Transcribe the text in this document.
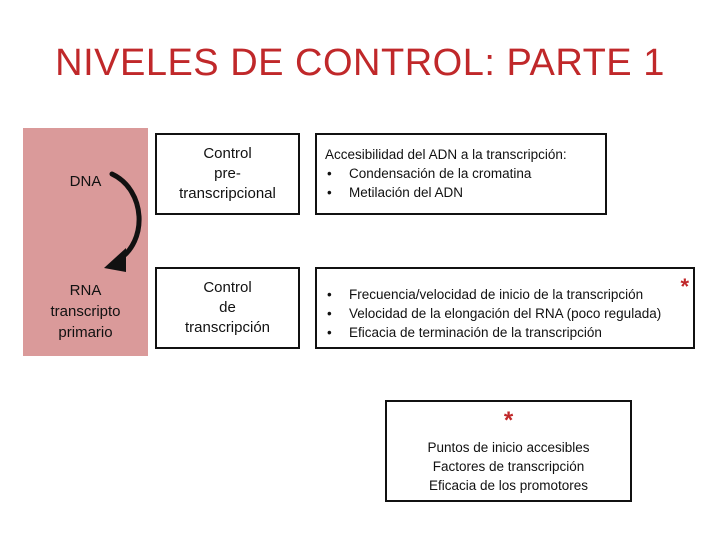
NIVELES DE CONTROL: PARTE 1
DNA
RNA
transcripto
primario
Control
pre-
transcripcional
Accesibilidad del ADN a la transcripción:
•	Condensación de la cromatina
•	Metilación del ADN
Control
de
transcripción
*
•	Frecuencia/velocidad de inicio de la transcripción
•	Velocidad de la elongación del RNA (poco regulada)
•	Eficacia de terminación de la transcripción
*
Puntos de inicio accesibles
Factores de transcripción
Eficacia de los promotores
